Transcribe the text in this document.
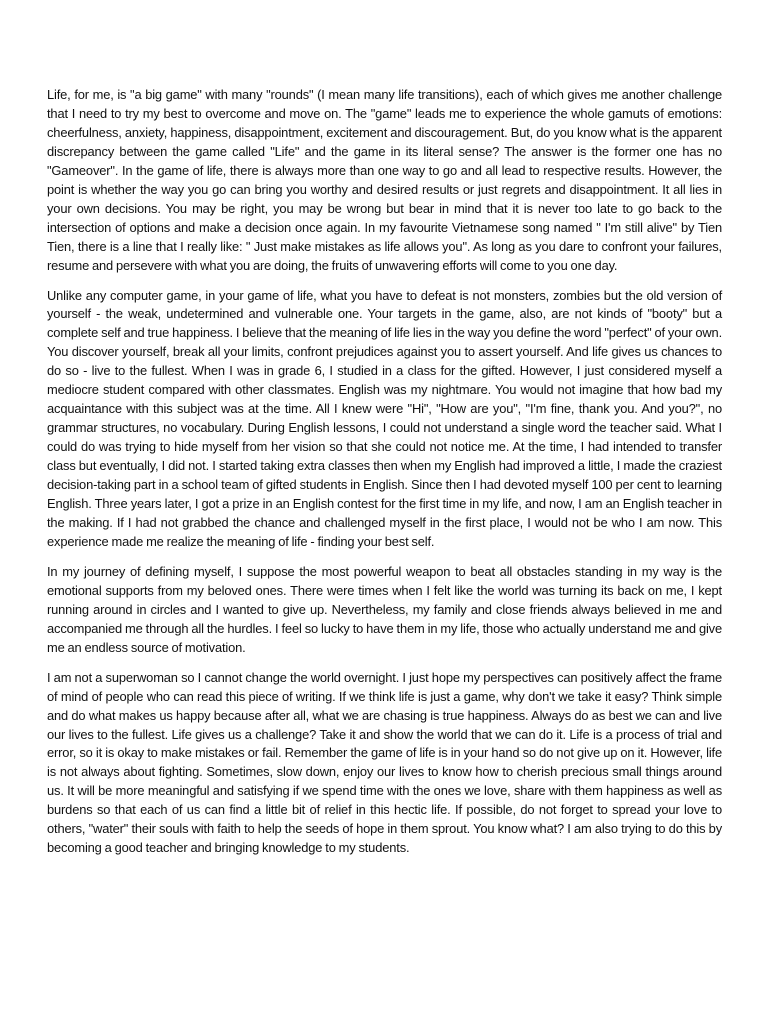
Life, for me, is "a big game" with many "rounds" (I mean many life transitions), each of which gives me another challenge that I need to try my best to overcome and move on. The "game" leads me to experience the whole gamuts of emotions: cheerfulness, anxiety, happiness, disappointment, excitement and discouragement. But, do you know what is the apparent discrepancy between the game called "Life" and the game in its literal sense? The answer is the former one has no "Gameover". In the game of life, there is always more than one way to go and all lead to respective results. However, the point is whether the way you go can bring you worthy and desired results or just regrets and disappointment. It all lies in your own decisions. You may be right, you may be wrong but bear in mind that it is never too late to go back to the intersection of options and make a decision once again. In my favourite Vietnamese song named " I'm still alive" by Tien Tien, there is a line that I really like: " Just make mistakes as life allows you". As long as you dare to confront your failures, resume and persevere with what you are doing, the fruits of unwavering efforts will come to you one day.

Unlike any computer game, in your game of life, what you have to defeat is not monsters, zombies but the old version of yourself - the weak, undetermined and vulnerable one. Your targets in the game, also, are not kinds of "booty" but a complete self and true happiness. I believe that the meaning of life lies in the way you define the word "perfect" of your own. You discover yourself, break all your limits, confront prejudices against you to assert yourself. And life gives us chances to do so - live to the fullest. When I was in grade 6, I studied in a class for the gifted. However, I just considered myself a mediocre student compared with other classmates. English was my nightmare. You would not imagine that how bad my acquaintance with this subject was at the time. All I knew were "Hi", "How are you", "I'm fine, thank you. And you?", no grammar structures, no vocabulary. During English lessons, I could not understand a single word the teacher said. What I could do was trying to hide myself from her vision so that she could not notice me. At the time, I had intended to transfer class but eventually, I did not. I started taking extra classes then when my English had improved a little, I made the craziest decision-taking part in a school team of gifted students in English. Since then I had devoted myself 100 per cent to learning English. Three years later, I got a prize in an English contest for the first time in my life, and now, I am an English teacher in the making. If I had not grabbed the chance and challenged myself in the first place, I would not be who I am now. This experience made me realize the meaning of life - finding your best self.

In my journey of defining myself, I suppose the most powerful weapon to beat all obstacles standing in my way is the emotional supports from my beloved ones. There were times when I felt like the world was turning its back on me, I kept running around in circles and I wanted to give up. Nevertheless, my family and close friends always believed in me and accompanied me through all the hurdles. I feel so lucky to have them in my life, those who actually understand me and give me an endless source of motivation.

I am not a superwoman so I cannot change the world overnight. I just hope my perspectives can positively affect the frame of mind of people who can read this piece of writing. If we think life is just a game, why don't we take it easy? Think simple and do what makes us happy because after all, what we are chasing is true happiness. Always do as best we can and live our lives to the fullest. Life gives us a challenge? Take it and show the world that we can do it. Life is a process of trial and error, so it is okay to make mistakes or fail. Remember the game of life is in your hand so do not give up on it. However, life is not always about fighting. Sometimes, slow down, enjoy our lives to know how to cherish precious small things around us. It will be more meaningful and satisfying if we spend time with the ones we love, share with them happiness as well as burdens so that each of us can find a little bit of relief in this hectic life. If possible, do not forget to spread your love to others, "water" their souls with faith to help the seeds of hope in them sprout. You know what? I am also trying to do this by becoming a good teacher and bringing knowledge to my students.
